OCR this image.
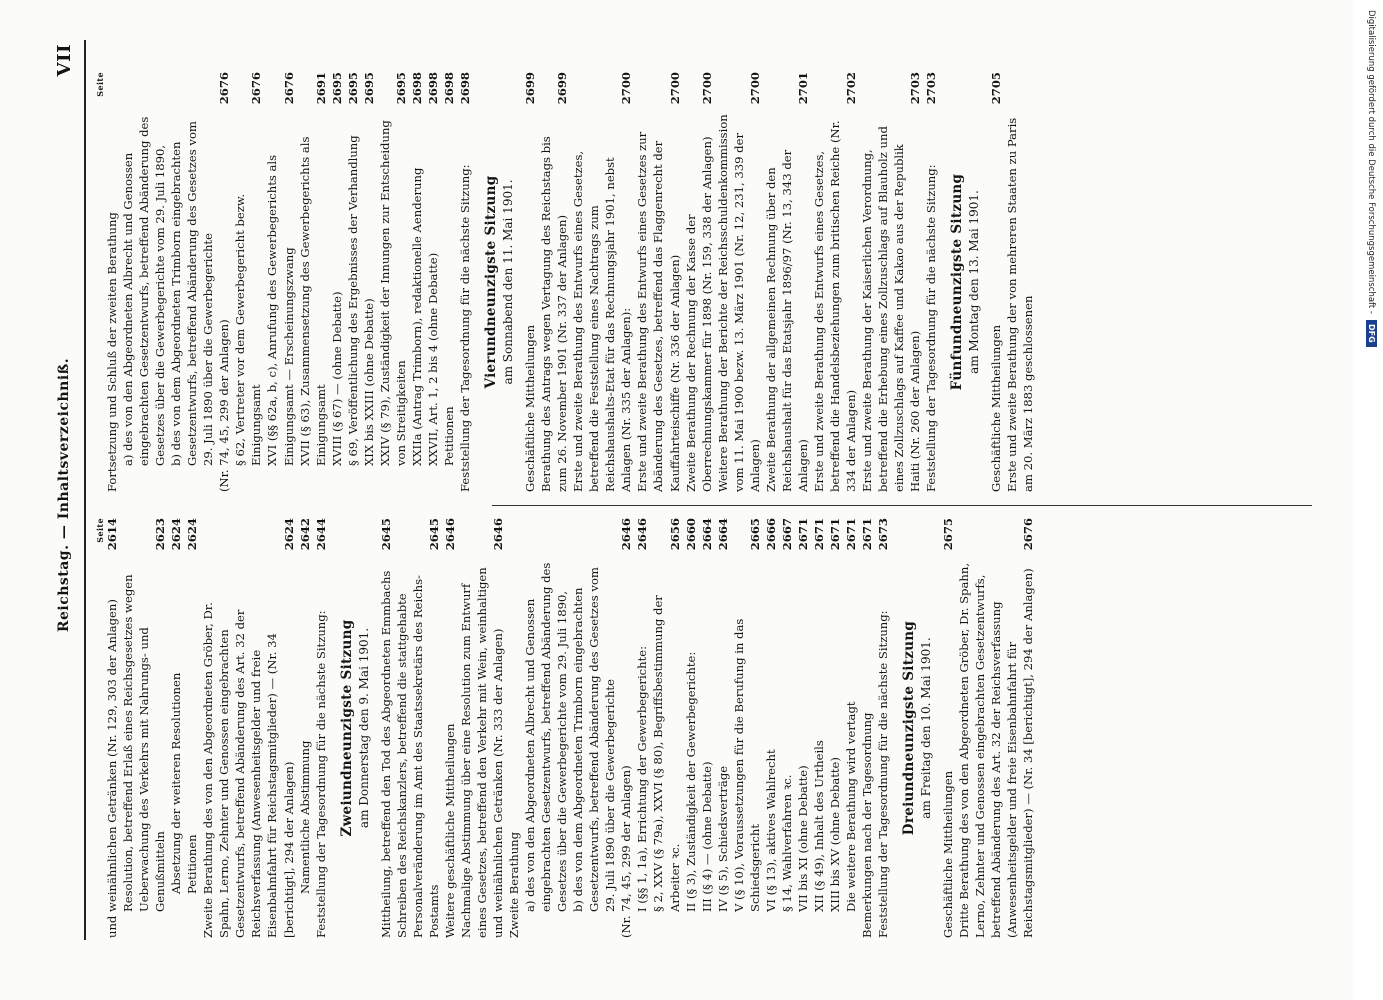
Reichstag. — Inhaltsverzeichniß.
VII
Seite
und weinähnlichen Getränken (Nr. 129, 303 der Anlagen)
2614
Resolution, betreffend Erlaß eines Reichsgesetzes wegen Ueberwachung des Verkehrs mit Nahrungs- und Genußmitteln
2623
Absetzung der weiteren Resolutionen
2624
Petitionen
2624
Zweite Berathung des von den Abgeordneten Gröber, Dr. Spahn, Lerno, Zehnter und Genossen eingebrachten Gesetzentwurfs, betreffend Abänderung des Art. 32 der Reichsverfassung (Anwesenheitsgelder und freie Eisenbahnfahrt für Reichstagsmitglieder) — (Nr. 34 [berichtigt], 294 der Anlagen)
2624
Namentliche Abstimmung
2642
Feststellung der Tagesordnung für die nächste Sitzung:
2644
Zweiundneunzigste Sitzung am Donnerstag den 9. Mai 1901. Mittheilung, betreffend den Tod des Abgeordneten Emmbachs
2645
Schreiben des Reichskanzlers, betreffend die stattgehabte Personalveränderung im Amt des Staatssekretärs des Reichs-Postamts
2645
Weitere geschäftliche Mittheilungen
2646
Nachmalige Abstimmung über eine Resolution zum Entwurf eines Gesetzes, betreffend den Verkehr mit Wein, weinhaltigen und weinähnlichen Getränken (Nr. 333 der Anlagen)
2646
Zweite Berathung a) des von den Abgeordneten Albrecht und Genossen eingebrachten Gesetzentwurfs, betreffend Abänderung des Gesetzes über die Gewerbegerichte vom 29. Juli 1890, b) des von dem Abgeordneten Trimborn eingebrachten Gesetzentwurfs, betreffend Abänderung des Gesetzes vom 29. Juli 1890 über die Gewerbegerichte (Nr. 74, 45, 299 der Anlagen)
2646
I (§§ 1, 1a), Errichtung der Gewerbegerichte:
2646
§ 2, XXV (§ 79a), XXVI (§ 80), Begriffsbestimmung der Arbeiter ꝛc.
2656
II (§ 3), Zuständigkeit der Gewerbegerichte:
2660
III (§ 4) — (ohne Debatte)
2664
IV (§ 5), Schiedsverträge
2664
V (§ 10), Voraussetzungen für die Berufung in das Schiedsgericht
2665
VI (§ 13), aktives Wahlrecht
2666
§ 14, Wahlverfahren ꝛc.
2667
VII bis XI (ohne Debatte)
2671
XII (§ 49), Inhalt des Urtheils
2671
XIII bis XV (ohne Debatte)
2671
Die weitere Berathung wird vertagt
2671
Bemerkungen nach der Tagesordnung
2671
Feststellung der Tagesordnung für die nächste Sitzung:
2673
Dreiundneunzigste Sitzung am Freitag den 10. Mai 1901.
Geschäftliche Mittheilungen
2675
Dritte Berathung des von den Abgeordneten Gröber, Dr. Spahn, Lerno, Zehnter und Genossen eingebrachten Gesetzentwurfs, betreffend Abänderung des Art. 32 der Reichsverfassung (Anwesenheitsgelder und freie Eisenbahnfahrt für Reichstagsmitglieder) — (Nr. 34 [berichtigt], 294 der Anlagen)
2676
Seite
Fortsetzung und Schluß der zweiten Berathung a) des von den Abgeordneten Albrecht und Genossen eingebrachten Gesetzentwurfs, betreffend Abänderung des Gesetzes über die Gewerbegerichte vom 29. Juli 1890, b) des von dem Abgeordneten Trimborn eingebrachten Gesetzentwurfs, betreffend Abänderung des Gesetzes vom 29. Juli 1890 über die Gewerbegerichte (Nr. 74, 45, 299 der Anlagen)
2676
§ 62, Vertreter vor dem Gewerbegericht bezw. Einigungsamt
2676
XVI (§§ 62a, b, c), Anrufung des Gewerbegerichts als Einigungsamt — Erscheinungszwang
2676
XVII (§ 63), Zusammensetzung des Gewerbegerichts als Einigungsamt
2691
XVIII (§ 67) — (ohne Debatte)
2695
§ 69, Veröffentlichung des Ergebnisses der Verhandlung
2695
XIX bis XXIII (ohne Debatte)
2695
XXIV (§ 79), Zuständigkeit der Innungen zur Entscheidung von Streitigkeiten
2695
XXIIa (Antrag Trimborn), redaktionelle Aenderung
2698
XXVII, Art. 1, 2 bis 4 (ohne Debatte)
2698
Petitionen
2698
Feststellung der Tagesordnung für die nächste Sitzung:
2698
Vierundneunzigste Sitzung am Sonnabend den 11. Mai 1901.
Geschäftliche Mittheilungen
2699
Berathung des Antrags wegen Vertagung des Reichstags bis zum 26. November 1901 (Nr. 337 der Anlagen)
2699
Erste und zweite Berathung des Entwurfs eines Gesetzes, betreffend die Feststellung eines Nachtrags zum Reichshaushalts-Etat für das Rechnungsjahr 1901, nebst Anlagen (Nr. 335 der Anlagen):
2700
Erste und zweite Berathung des Entwurfs eines Gesetzes zur Abänderung des Gesetzes, betreffend das Flaggenrecht der Kauffahrteischiffe (Nr. 336 der Anlagen)
2700
Zweite Berathung der Rechnung der Kasse der Oberrechnungskammer für 1898 (Nr. 159, 338 der Anlagen)
2700
Weitere Berathung der Berichte der Reichsschuldenkommission vom 11. Mai 1900 bezw. 13. März 1901 (Nr. 12, 231, 339 der Anlagen)
2700
Zweite Berathung der allgemeinen Rechnung über den Reichshaushalt für das Etatsjahr 1896/97 (Nr. 13, 343 der Anlagen)
2701
Erste und zweite Berathung des Entwurfs eines Gesetzes, betreffend die Handelsbeziehungen zum britischen Reiche (Nr. 334 der Anlagen)
2702
Erste und zweite Berathung der Kaiserlichen Verordnung, betreffend die Erhebung eines Zollzuschlags auf Blauholz und eines Zollzuschlags auf Kaffee und Kakao aus der Republik Haiti (Nr. 260 der Anlagen)
2703
Feststellung der Tagesordnung für die nächste Sitzung:
2703
Fünfundneunzigste Sitzung am Montag den 13. Mai 1901.
Geschäftliche Mittheilungen
2705
Erste und zweite Berathung der von mehreren Staaten zu Paris am 20. März 1883 geschlossenen
Digitalisierung gefördert durch die Deutsche Forschungsgemeinschaft -
DFG
